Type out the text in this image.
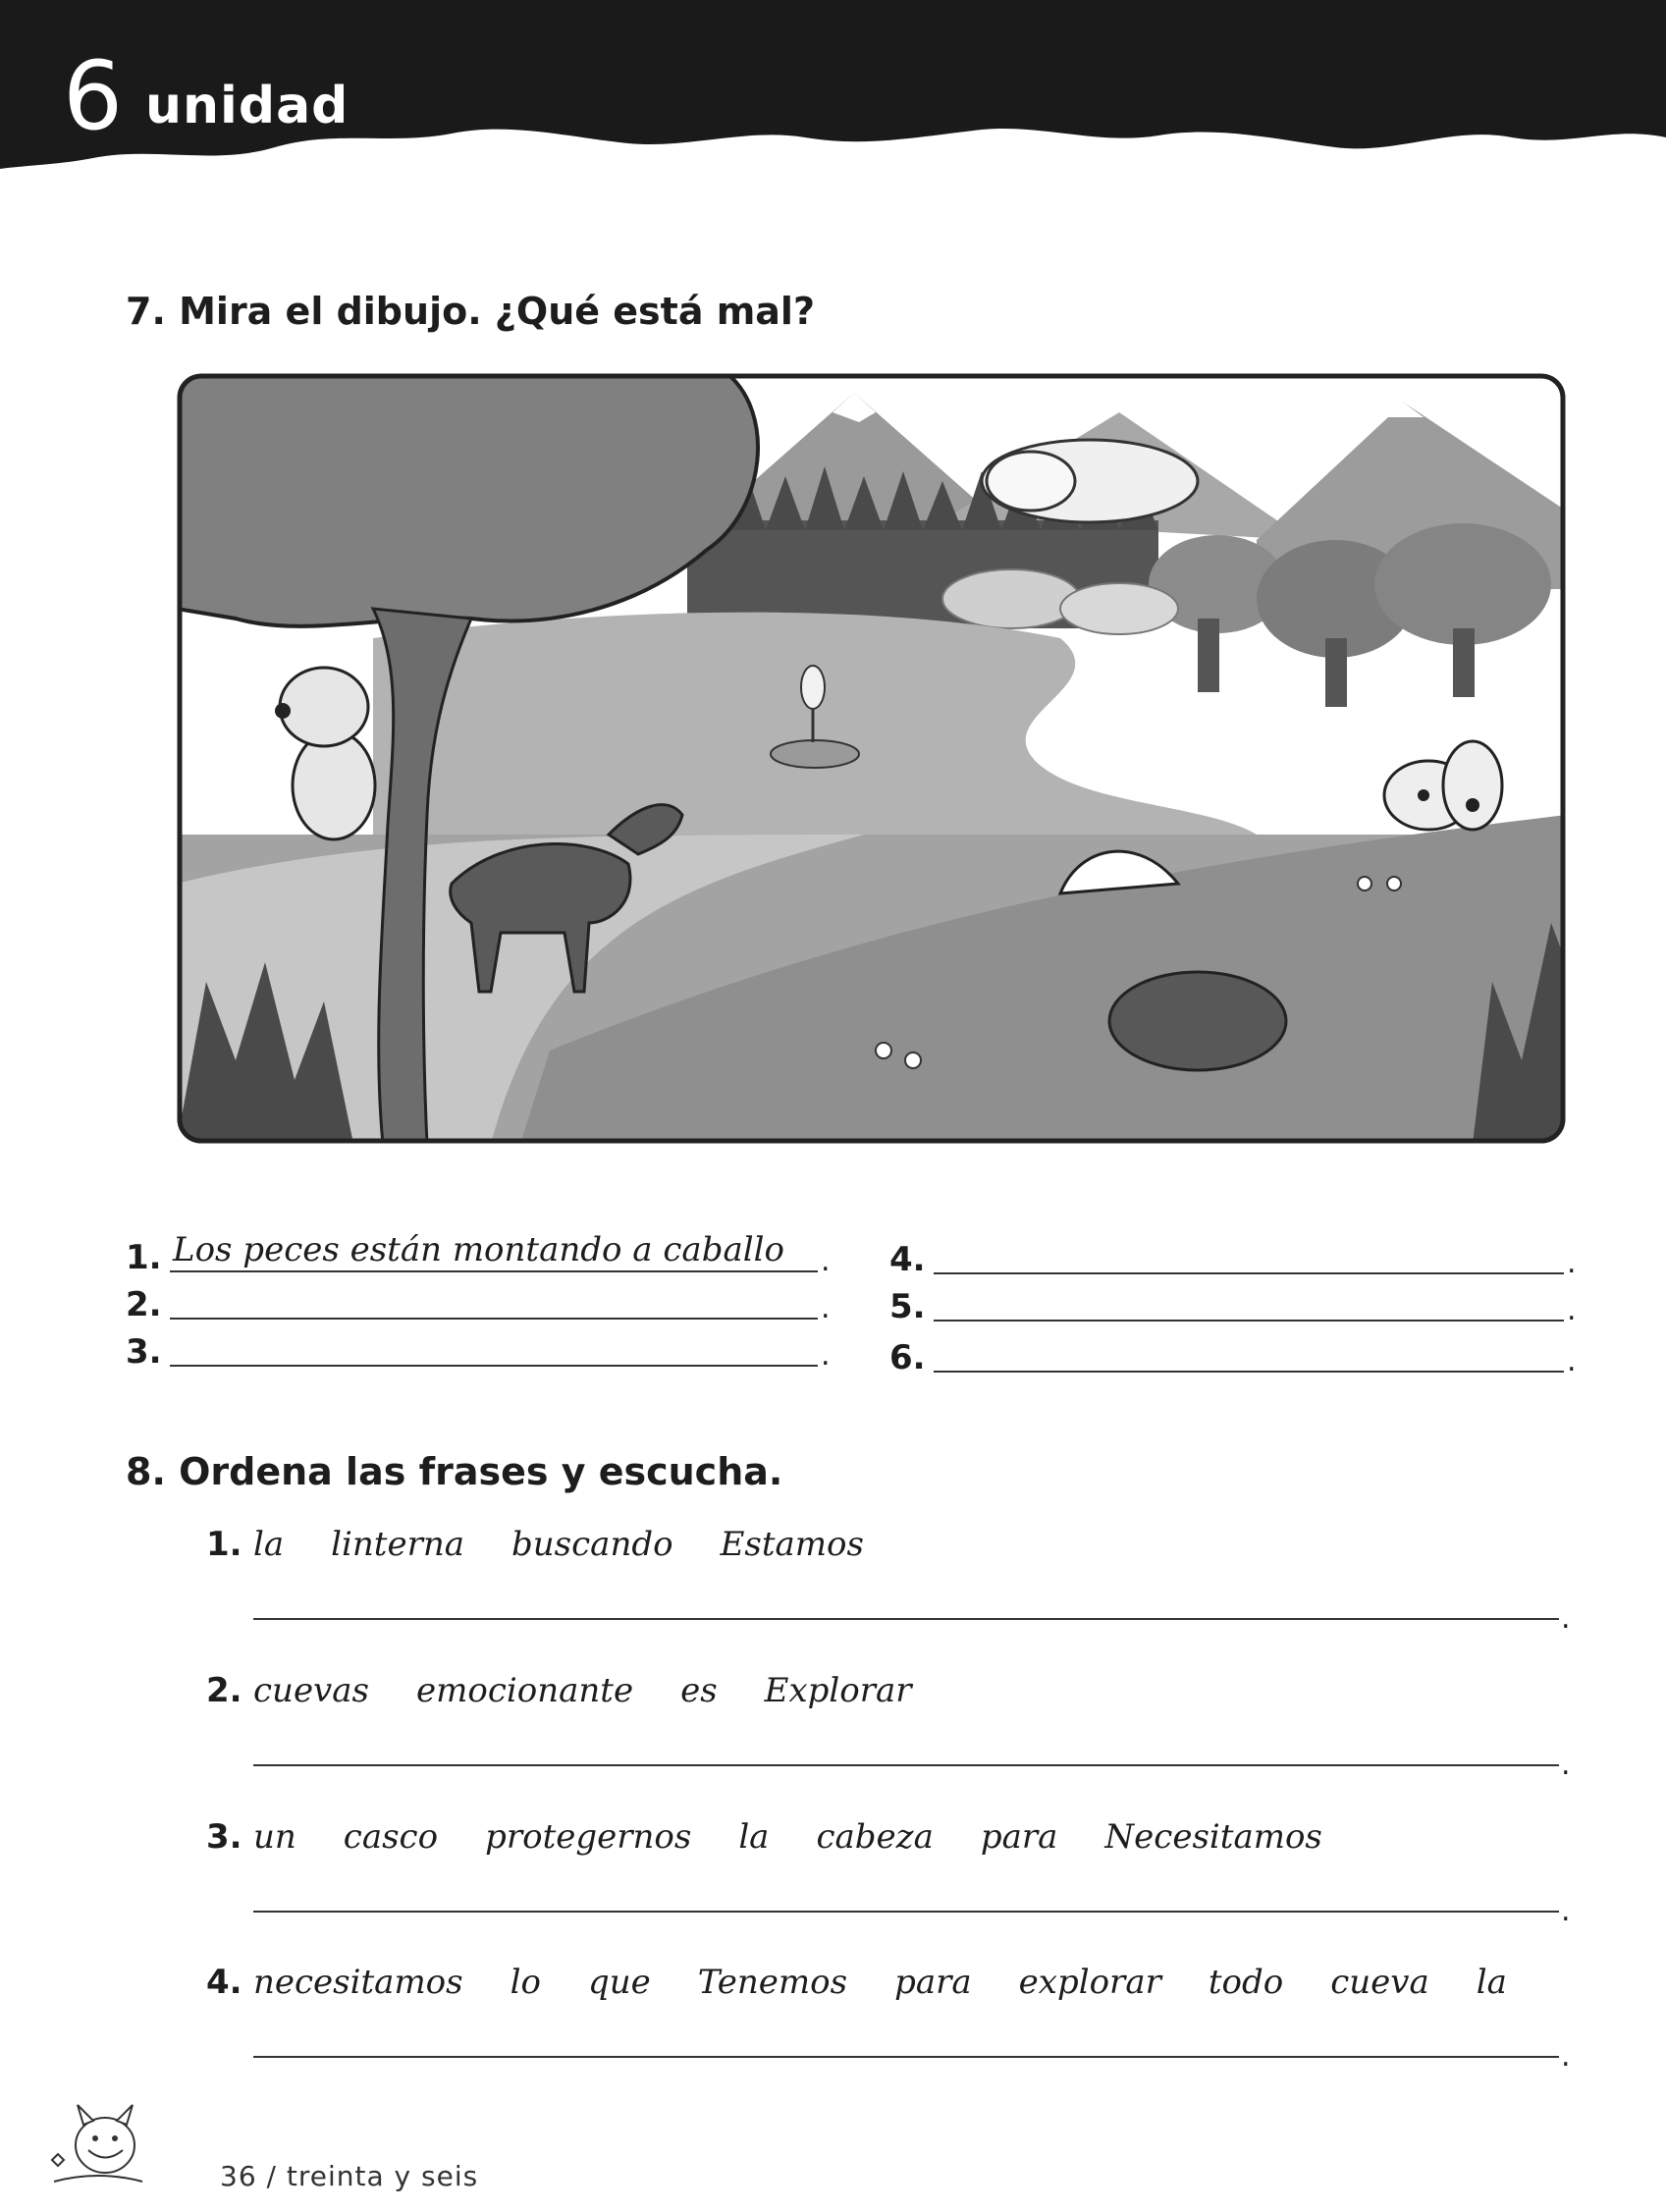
6 unidad
7. Mira el dibujo. ¿Qué está mal?
1. Los peces están montando a caballo .
2.	.
3.	.
4.	.
5.	.
6.	.
8. Ordena las frases y escucha.
1. la linterna buscando Estamos
.
2. cuevas emocionante es Explorar
.
3. un casco protegernos la cabeza para Necesitamos
.
4. necesitamos lo que Tenemos para explorar todo cueva la
.
36 / treinta y seis
